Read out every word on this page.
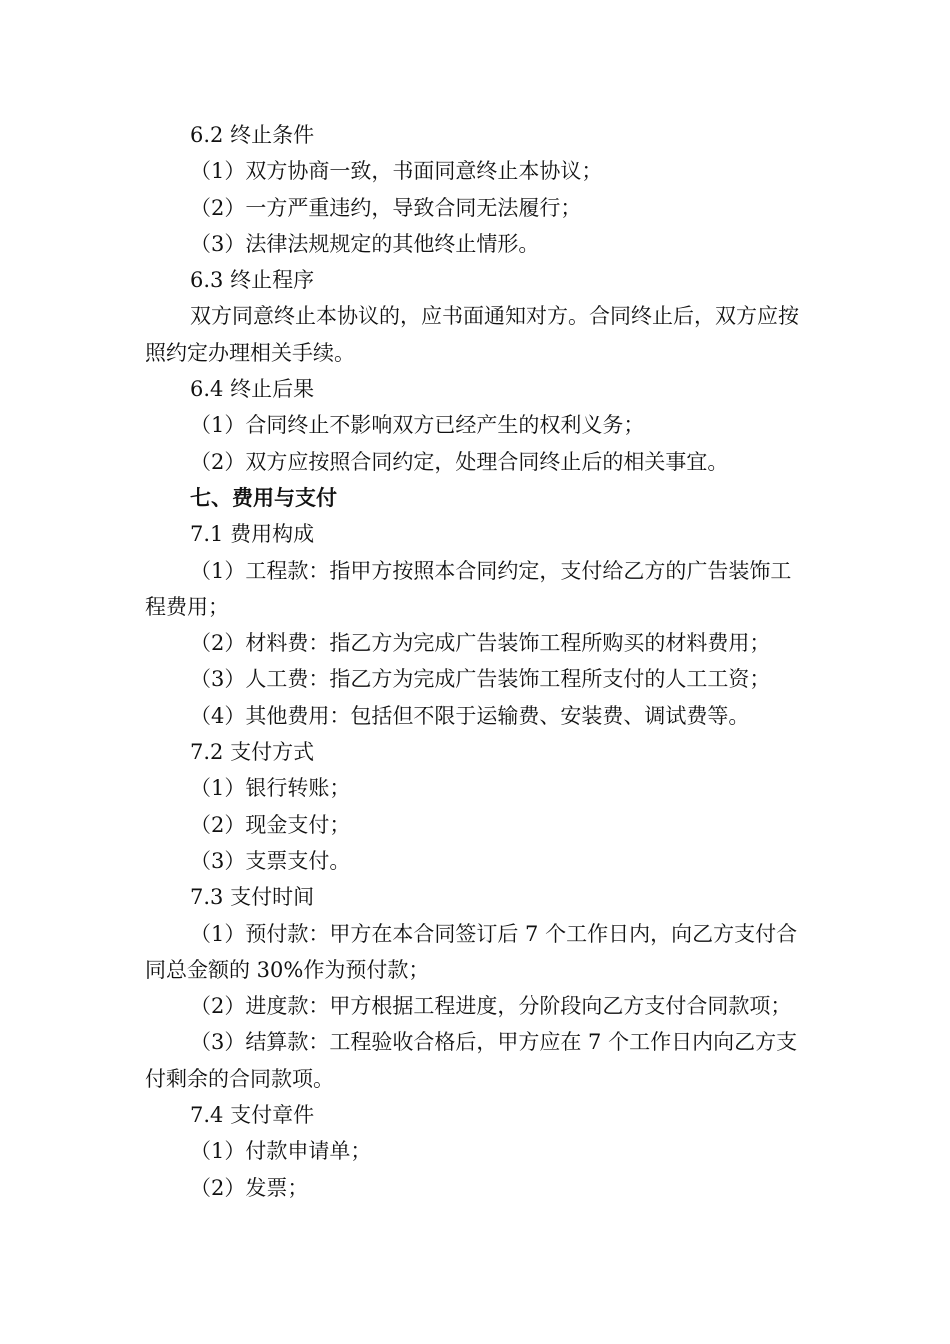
6.2 终止条件

（1）双方协商一致，书面同意终止本协议；

（2）一方严重违约，导致合同无法履行；

（3）法律法规规定的其他终止情形。

6.3 终止程序

双方同意终止本协议的，应书面通知对方。合同终止后，双方应按照约定办理相关手续。

6.4 终止后果

（1）合同终止不影响双方已经产生的权利义务；

（2）双方应按照合同约定，处理合同终止后的相关事宜。

七、费用与支付

7.1 费用构成

（1）工程款：指甲方按照本合同约定，支付给乙方的广告装饰工程费用；

（2）材料费：指乙方为完成广告装饰工程所购买的材料费用；

（3）人工费：指乙方为完成广告装饰工程所支付的人工工资；

（4）其他费用：包括但不限于运输费、安装费、调试费等。

7.2 支付方式

（1）银行转账；

（2）现金支付；

（3）支票支付。

7.3 支付时间

（1）预付款：甲方在本合同签订后 7 个工作日内，向乙方支付合同总金额的 30%作为预付款；

（2）进度款：甲方根据工程进度，分阶段向乙方支付合同款项；

（3）结算款：工程验收合格后，甲方应在 7 个工作日内向乙方支付剩余的合同款项。

7.4 支付章件

（1）付款申请单；

（2）发票；
